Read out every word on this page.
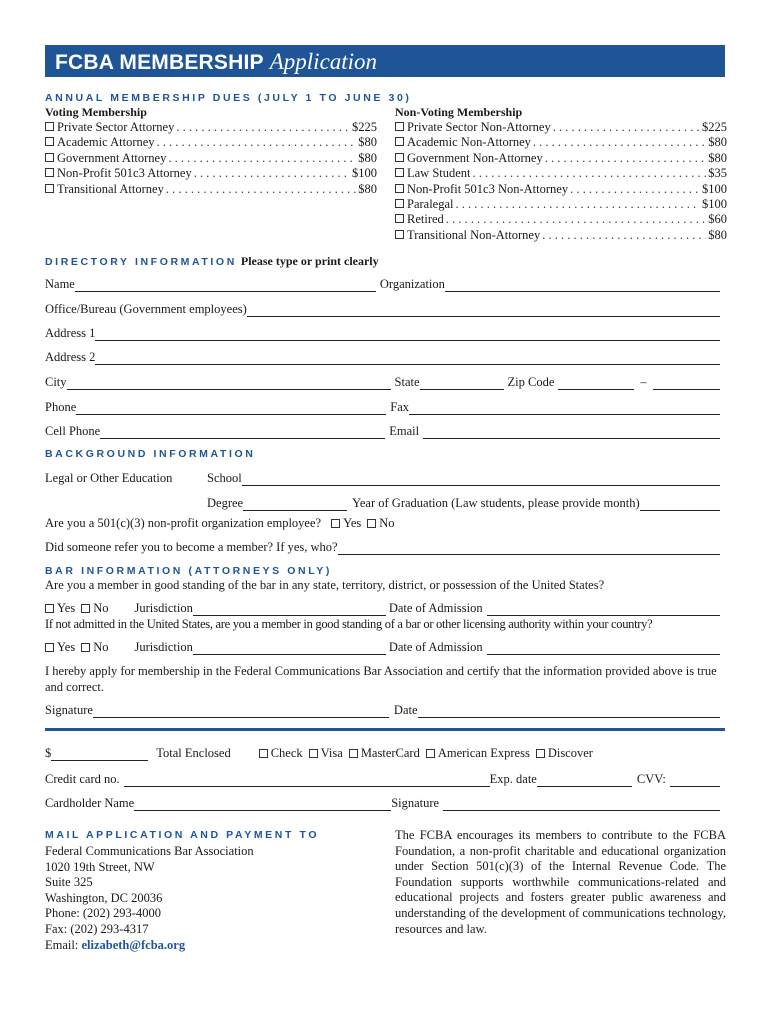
FCBA MEMBERSHIP Application
ANNUAL MEMBERSHIP DUES (JULY 1 TO JUNE 30)
Voting Membership
Private Sector Attorney . . .	$225
Academic Attorney . . .	$80
Government Attorney . . .	$80
Non-Profit 501c3 Attorney . . .	$100
Transitional Attorney . . .	$80
Non-Voting Membership
Private Sector Non-Attorney . . .	$225
Academic Non-Attorney . . .	$80
Government Non-Attorney . . .	$80
Law Student . . .	$35
Non-Profit 501c3 Non-Attorney . . .	$100
Paralegal . . .	$100
Retired . . .	$60
Transitional Non-Attorney . . .	$80
DIRECTORY INFORMATION Please type or print clearly
Name	Organization
Office/Bureau (Government employees)
Address 1
Address 2
City	State	Zip Code	–
Phone	Fax
Cell Phone	Email
BACKGROUND INFORMATION
Legal or Other Education	School
Degree	Year of Graduation (Law students, please provide month)
Are you a 501(c)(3) non-profit organization employee? Yes No
Did someone refer you to become a member? If yes, who?
BAR INFORMATION (ATTORNEYS ONLY)
Are you a member in good standing of the bar in any state, territory, district, or possession of the United States?
Yes No Jurisdiction	Date of Admission
If not admitted in the United States, are you a member in good standing of a bar or other licensing authority within your country?
Yes No Jurisdiction	Date of Admission
I hereby apply for membership in the Federal Communications Bar Association and certify that the information provided above is true and correct.
Signature	Date
$	Total Enclosed	Check Visa MasterCard American Express Discover
Credit card no.	Exp. date	CVV:
Cardholder Name	Signature
MAIL APPLICATION AND PAYMENT TO
Federal Communications Bar Association
1020 19th Street, NW
Suite 325
Washington, DC 20036
Phone: (202) 293-4000
Fax: (202) 293-4317
Email: elizabeth@fcba.org
The FCBA encourages its members to contribute to the FCBA Foundation, a non-profit charitable and educational organization under Section 501(c)(3) of the Internal Revenue Code. The Foundation supports worthwhile communications-related and educational projects and fosters greater public awareness and understanding of the development of communications technology, resources and law.
